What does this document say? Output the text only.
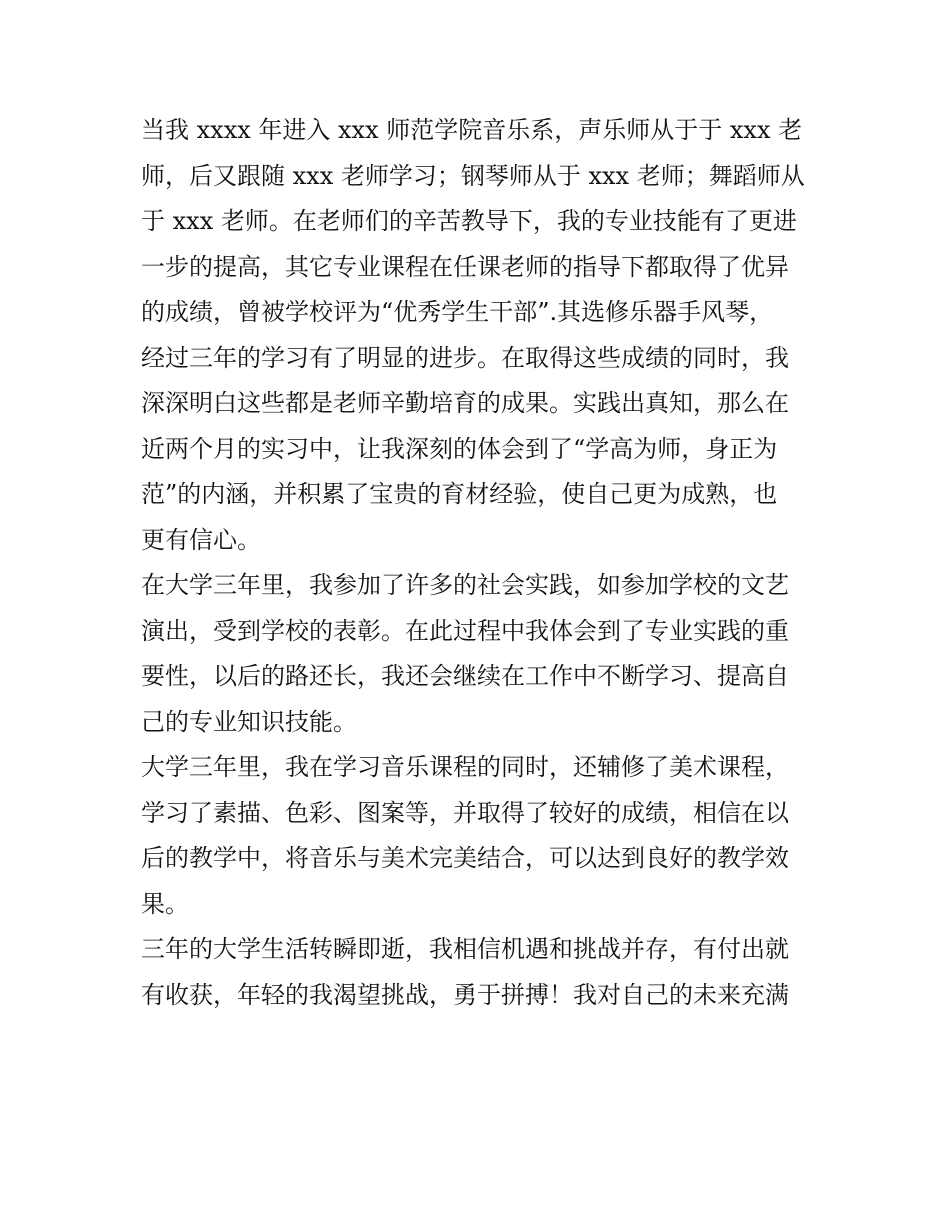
当我 xxxx 年进入 xxx 师范学院音乐系，声乐师从于于 xxx 老
师，后又跟随 xxx 老师学习；钢琴师从于 xxx 老师；舞蹈师从
于 xxx 老师。在老师们的辛苦教导下，我的专业技能有了更进
一步的提高，其它专业课程在任课老师的指导下都取得了优异
的成绩，曾被学校评为“优秀学生干部”.其选修乐器手风琴，
经过三年的学习有了明显的进步。在取得这些成绩的同时，我
深深明白这些都是老师辛勤培育的成果。实践出真知，那么在
近两个月的实习中，让我深刻的体会到了“学高为师，身正为
范”的内涵，并积累了宝贵的育材经验，使自己更为成熟，也
更有信心。
在大学三年里，我参加了许多的社会实践，如参加学校的文艺
演出，受到学校的表彰。在此过程中我体会到了专业实践的重
要性，以后的路还长，我还会继续在工作中不断学习、提高自
己的专业知识技能。
大学三年里，我在学习音乐课程的同时，还辅修了美术课程，
学习了素描、色彩、图案等，并取得了较好的成绩，相信在以
后的教学中，将音乐与美术完美结合，可以达到良好的教学效
果。
三年的大学生活转瞬即逝，我相信机遇和挑战并存，有付出就
有收获，年轻的我渴望挑战，勇于拼搏！我对自己的未来充满
